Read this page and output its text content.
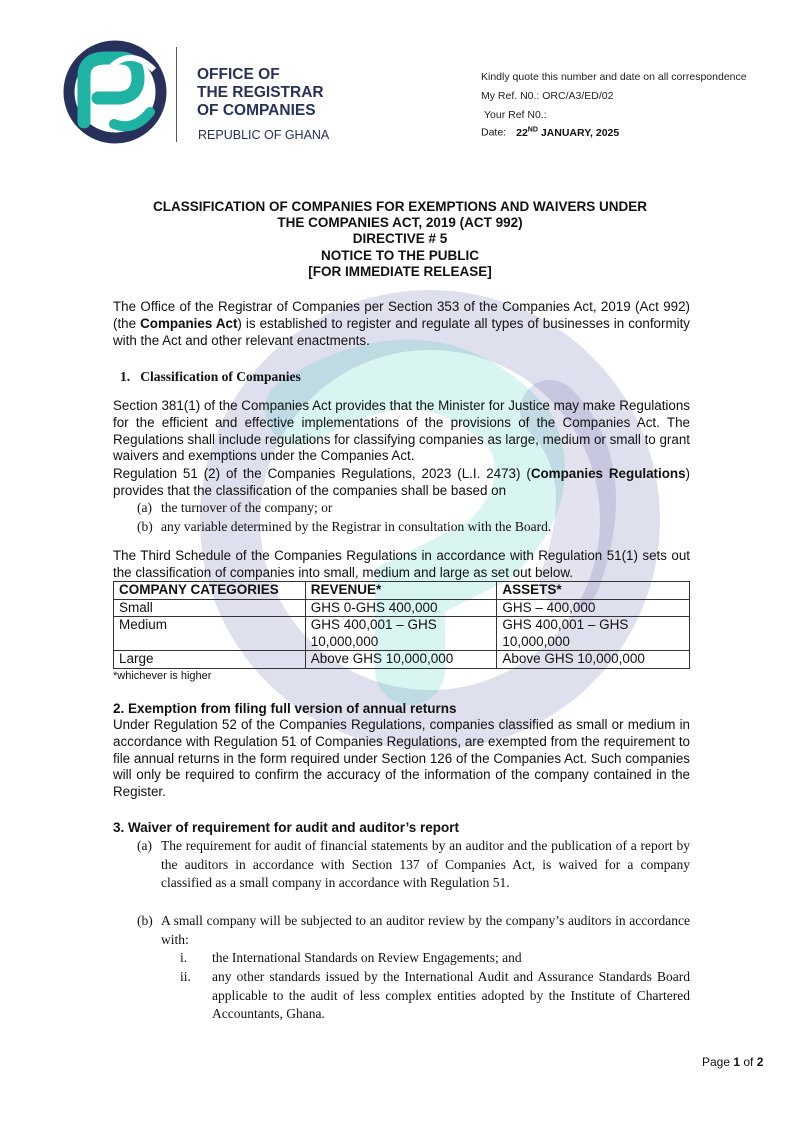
OFFICE OF
THE REGISTRAR
OF COMPANIES
REPUBLIC OF GHANA
Kindly quote this number and date on all correspondence
My Ref. N0.: ORC/A3/ED/02
Your Ref N0.:
Date: 22ND JANUARY, 2025
CLASSIFICATION OF COMPANIES FOR EXEMPTIONS AND WAIVERS UNDER
THE COMPANIES ACT, 2019 (ACT 992)
DIRECTIVE # 5
NOTICE TO THE PUBLIC
[FOR IMMEDIATE RELEASE]
The Office of the Registrar of Companies per Section 353 of the Companies Act, 2019 (Act 992) (the Companies Act) is established to register and regulate all types of businesses in conformity with the Act and other relevant enactments.
1. Classification of Companies
Section 381(1) of the Companies Act provides that the Minister for Justice may make Regulations for the efficient and effective implementations of the provisions of the Companies Act. The Regulations shall include regulations for classifying companies as large, medium or small to grant waivers and exemptions under the Companies Act.
Regulation 51 (2) of the Companies Regulations, 2023 (L.I. 2473) (Companies Regulations) provides that the classification of the companies shall be based on
(a) the turnover of the company; or
(b) any variable determined by the Registrar in consultation with the Board.
The Third Schedule of the Companies Regulations in accordance with Regulation 51(1) sets out the classification of companies into small, medium and large as set out below.
COMPANY CATEGORIES	REVENUE*	ASSETS*
Small	GHS 0-GHS 400,000	GHS – 400,000
Medium	GHS 400,001 – GHS 10,000,000	GHS 400,001 – GHS 10,000,000
Large	Above GHS 10,000,000	Above GHS 10,000,000
*whichever is higher
2. Exemption from filing full version of annual returns
Under Regulation 52 of the Companies Regulations, companies classified as small or medium in accordance with Regulation 51 of Companies Regulations, are exempted from the requirement to file annual returns in the form required under Section 126 of the Companies Act. Such companies will only be required to confirm the accuracy of the information of the company contained in the Register.
3. Waiver of requirement for audit and auditor’s report
(a) The requirement for audit of financial statements by an auditor and the publication of a report by the auditors in accordance with Section 137 of Companies Act, is waived for a company classified as a small company in accordance with Regulation 51.
(b) A small company will be subjected to an auditor review by the company’s auditors in accordance with:
i. the International Standards on Review Engagements; and
ii. any other standards issued by the International Audit and Assurance Standards Board applicable to the audit of less complex entities adopted by the Institute of Chartered Accountants, Ghana.
Page 1 of 2
